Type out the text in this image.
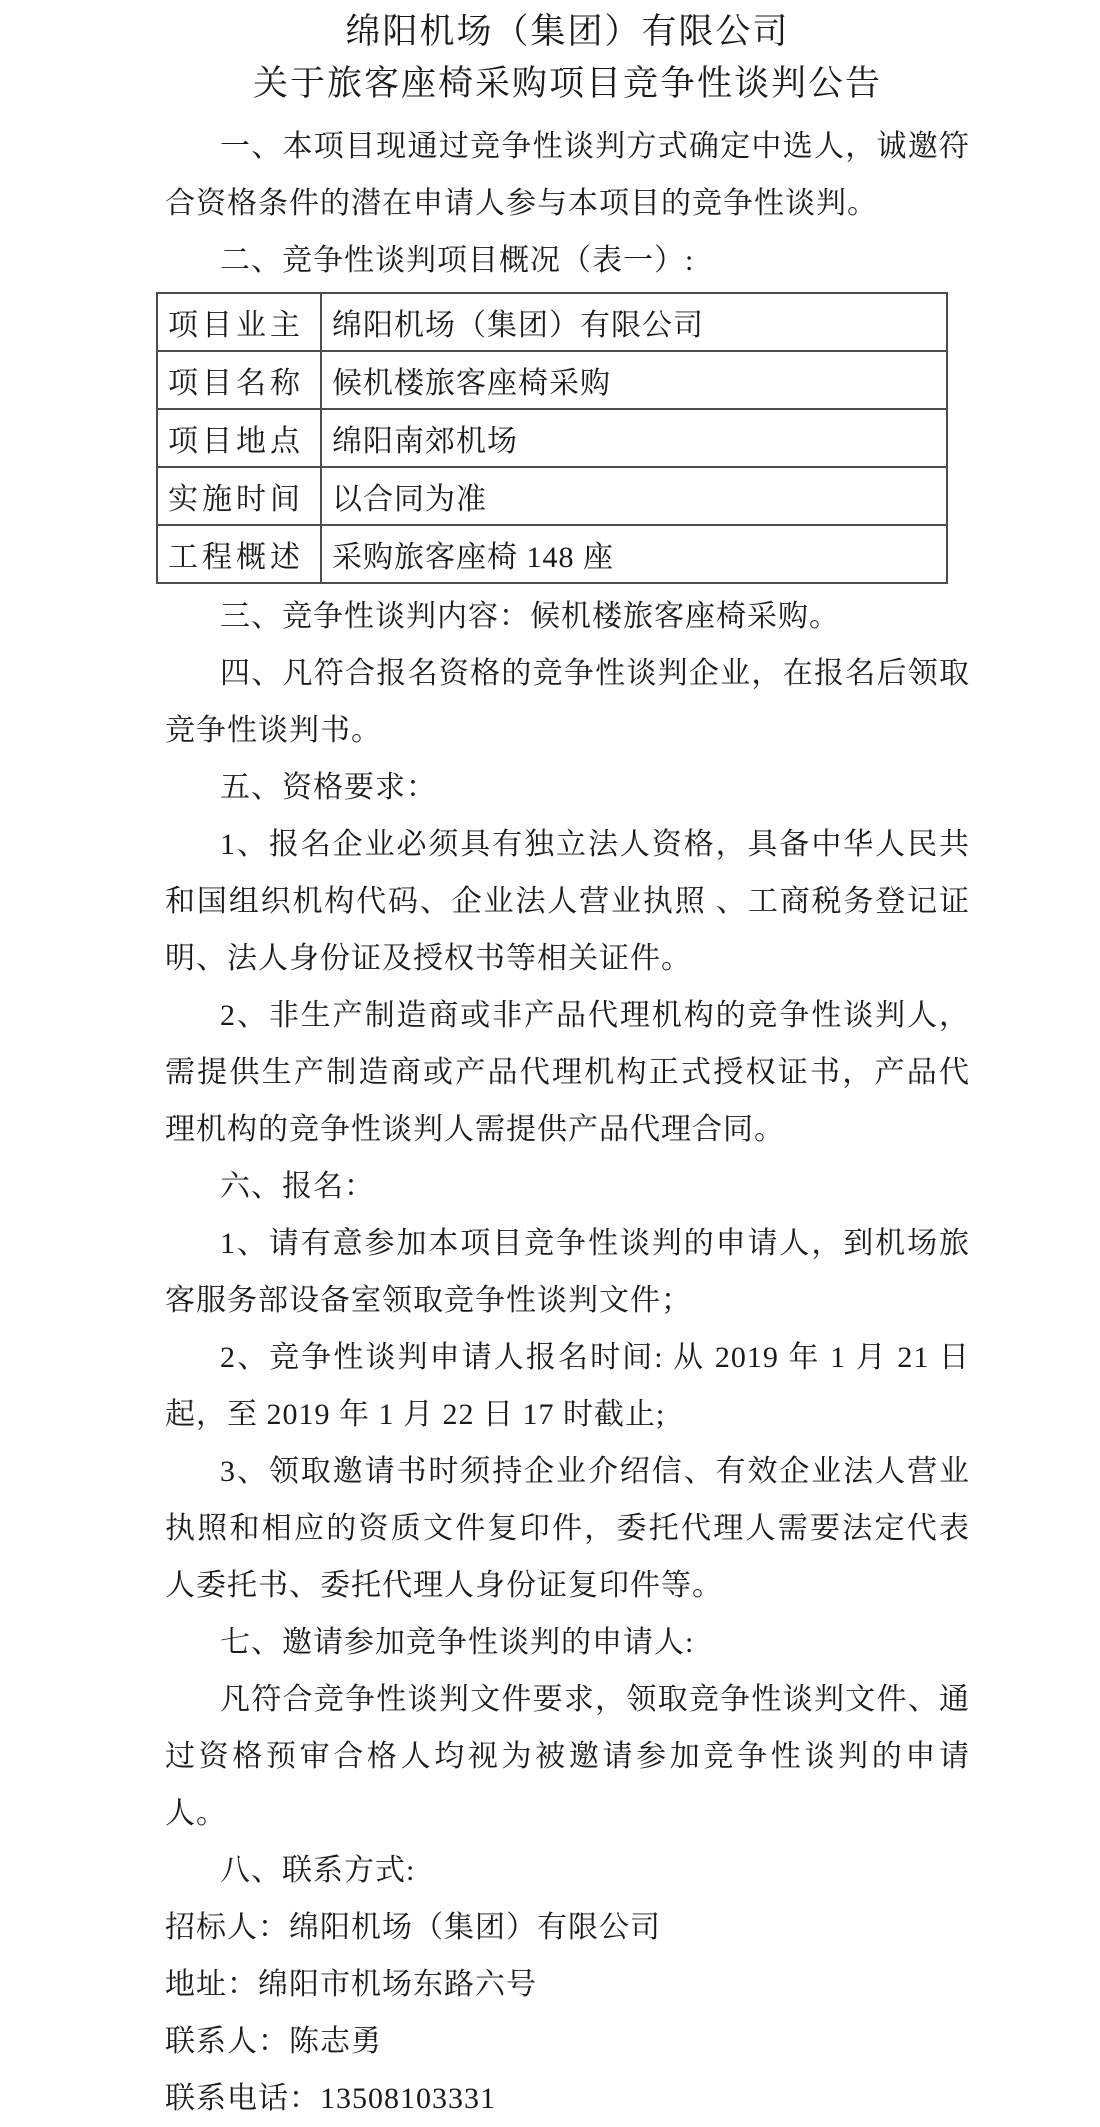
绵阳机场（集团）有限公司
关于旅客座椅采购项目竞争性谈判公告

一、本项目现通过竞争性谈判方式确定中选人，诚邀符合资格条件的潜在申请人参与本项目的竞争性谈判。

二、竞争性谈判项目概况（表一）:

项目业主	绵阳机场（集团）有限公司
项目名称	候机楼旅客座椅采购
项目地点	绵阳南郊机场
实施时间	以合同为准
工程概述	采购旅客座椅 148 座

三、竞争性谈判内容：候机楼旅客座椅采购。

四、凡符合报名资格的竞争性谈判企业，在报名后领取竞争性谈判书。

五、资格要求：

1、报名企业必须具有独立法人资格，具备中华人民共和国组织机构代码、企业法人营业执照 、工商税务登记证明、法人身份证及授权书等相关证件。

2、非生产制造商或非产品代理机构的竞争性谈判人，需提供生产制造商或产品代理机构正式授权证书，产品代理机构的竞争性谈判人需提供产品代理合同。

六、报名：

1、请有意参加本项目竞争性谈判的申请人，到机场旅客服务部设备室领取竞争性谈判文件；

2、竞争性谈判申请人报名时间: 从 2019 年 1 月 21 日起，至 2019 年 1 月 22 日 17 时截止;

3、领取邀请书时须持企业介绍信、有效企业法人营业执照和相应的资质文件复印件，委托代理人需要法定代表人委托书、委托代理人身份证复印件等。

七、邀请参加竞争性谈判的申请人:

凡符合竞争性谈判文件要求，领取竞争性谈判文件、通过资格预审合格人均视为被邀请参加竞争性谈判的申请人。

八、联系方式:

招标人：绵阳机场（集团）有限公司

地址：绵阳市机场东路六号

联系人：陈志勇

联系电话：13508103331
